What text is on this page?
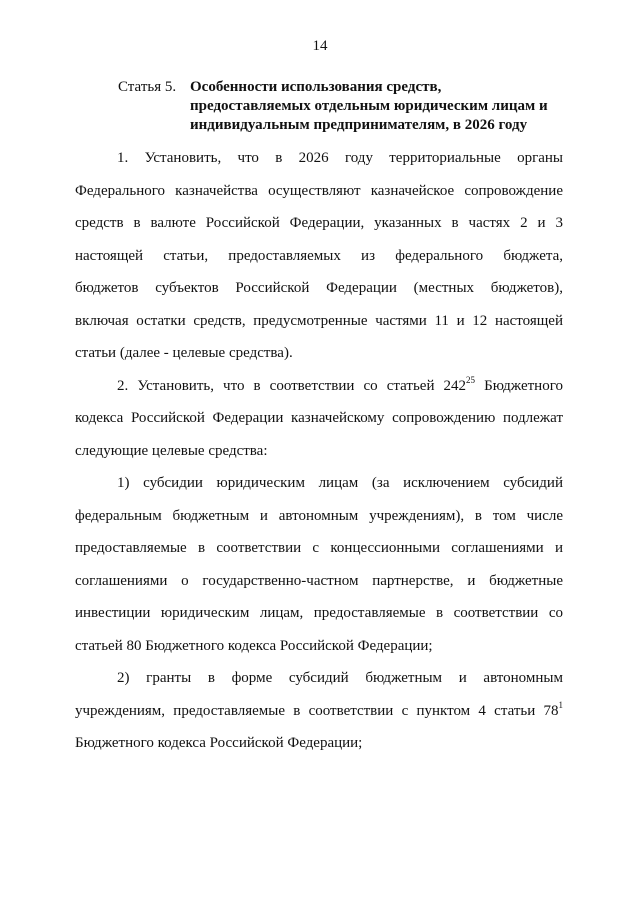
14
Статья 5. Особенности использования средств,
предоставляемых отдельным юридическим лицам и
индивидуальным предпринимателям, в 2026 году

1. Установить, что в 2026 году территориальные органы
Федерального казначейства осуществляют казначейское сопровождение
средств в валюте Российской Федерации, указанных в частях 2 и 3
настоящей статьи, предоставляемых из федерального бюджета,
бюджетов субъектов Российской Федерации (местных бюджетов),
включая остатки средств, предусмотренные частями 11 и 12 настоящей
статьи (далее - целевые средства).

2. Установить, что в соответствии со статьей $242^{25}$ Бюджетного
кодекса Российской Федерации казначейскому сопровождению подлежат
следующие целевые средства:

1) субсидии юридическим лицам (за исключением субсидий
федеральным бюджетным и автономным учреждениям), в том числе
предоставляемые в соответствии с концессионными соглашениями и
соглашениями о государственно-частном партнерстве, и бюджетные
инвестиции юридическим лицам, предоставляемые в соответствии со
статьей 80 Бюджетного кодекса Российской Федерации;

2) гранты в форме субсидий бюджетным и автономным
учреждениям, предоставляемые в соответствии с пунктом 4 статьи $78^1$
Бюджетного кодекса Российской Федерации;
